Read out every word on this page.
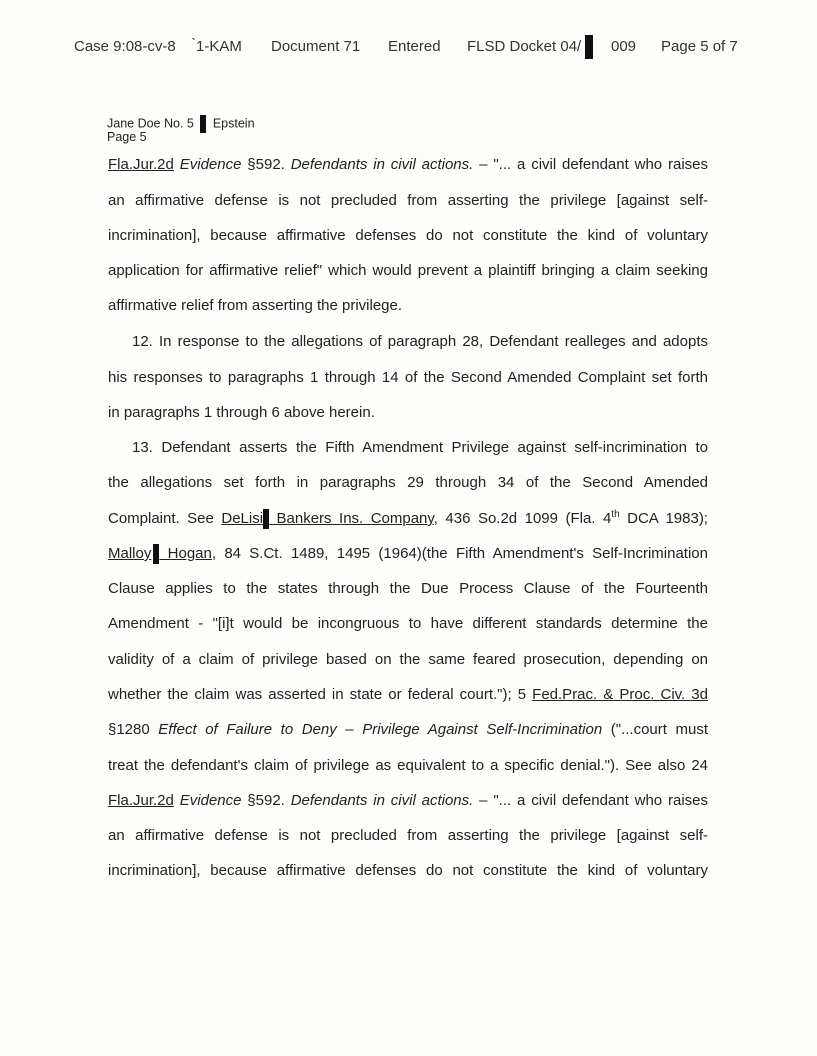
Case 9:08-cv-8 ̀1-KAM Document 71 Entered FLSD Docket 04/ 009 Page 5 of 7
Jane Doe No. 5 Epstein
Page 5
Fla.Jur.2d Evidence §592. Defendants in civil actions. – "... a civil defendant who raises
an affirmative defense is not precluded from asserting the privilege [against self-
incrimination], because affirmative defenses do not constitute the kind of voluntary
application for affirmative relief" which would prevent a plaintiff bringing a claim seeking
affirmative relief from asserting the privilege.
12. In response to the allegations of paragraph 28, Defendant realleges and adopts
his responses to paragraphs 1 through 14 of the Second Amended Complaint set forth
in paragraphs 1 through 6 above herein.
13. Defendant asserts the Fifth Amendment Privilege against self-incrimination to
the allegations set forth in paragraphs 29 through 34 of the Second Amended
Complaint. See DeLisi Bankers Ins. Company, 436 So.2d 1099 (Fla. 4th DCA 1983);
Malloy Hogan, 84 S.Ct. 1489, 1495 (1964)(the Fifth Amendment's Self-Incrimination
Clause applies to the states through the Due Process Clause of the Fourteenth
Amendment - "[i]t would be incongruous to have different standards determine the
validity of a claim of privilege based on the same feared prosecution, depending on
whether the claim was asserted in state or federal court."); 5 Fed.Prac. & Proc. Civ. 3d
§1280 Effect of Failure to Deny – Privilege Against Self-Incrimination ("...court must
treat the defendant's claim of privilege as equivalent to a specific denial."). See also 24
Fla.Jur.2d Evidence §592. Defendants in civil actions. – "... a civil defendant who raises
an affirmative defense is not precluded from asserting the privilege [against self-
incrimination], because affirmative defenses do not constitute the kind of voluntary
